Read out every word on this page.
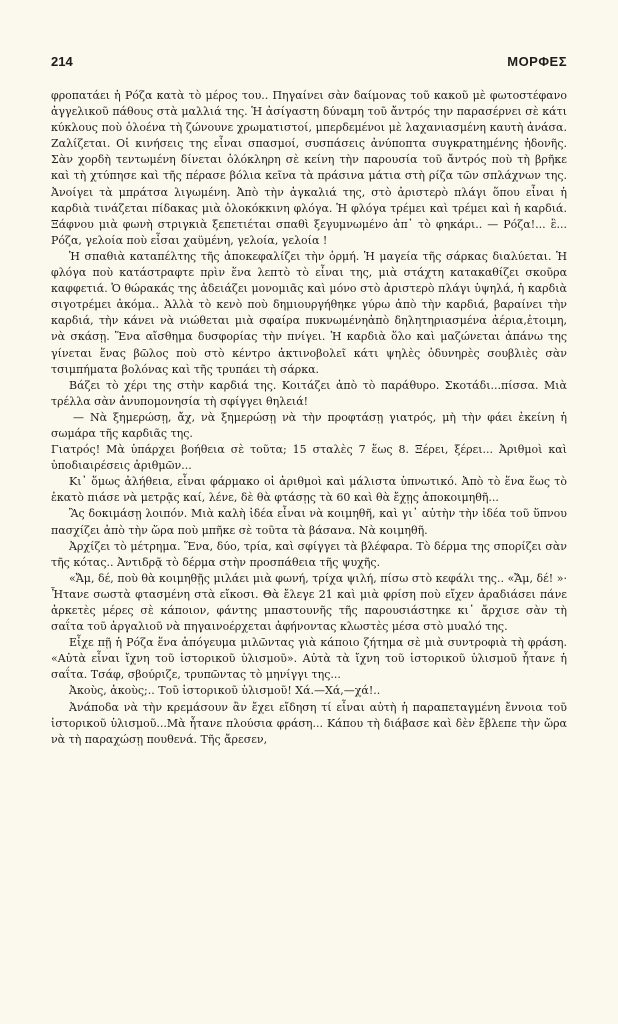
214	ΜΟΡΦΕΣ

φροπατάει ἡ Ρόζα κατὰ τὸ μέρος του.. Πηγαίνει σὰν δαίμονας τοῦ κακοῦ μὲ φωτοστέφανο ἀγγελικοῦ πάθους στὰ μαλλιά της. Ἡ ἀσίγαστη δύναμη τοῦ ἄντρός την παρασέρνει σὲ κάτι κύκλους ποὺ ὁλοένα τὴ ζώνουνε χρωματιστοί, μπερδεμένοι μὲ λαχανιασμένη καυτὴ ἀνάσα. Ζαλίζεται. Οἱ κινήσεις της εἶναι σπασμοί, συσπάσεις ἀνύποπτα συγκρατημένης ἡδονῆς. Σὰν χορδὴ τεντωμένη δίνεται ὁλόκληρη σὲ κείνη τὴν παρουσία τοῦ ἄντρός ποὺ τὴ βρῆκε καὶ τὴ χτύπησε καὶ τῆς πέρασε βόλια κεῖνα τὰ πράσινα μάτια στὴ ρίζα τῶν σπλάχνων της. Ἀνοίγει τὰ μπράτσα λιγωμένη. Ἀπὸ τὴν ἀγκαλιά της, στὸ ἀριστερὸ πλάγι ὅπου εἶναι ἡ καρδιὰ τινάζεται πίδακας μιὰ ὁλοκόκκινη φλόγα. Ἡ φλόγα τρέμει καὶ τρέμει καὶ ἡ καρδιά. Ξάφνου μιὰ φωνὴ στριγκιὰ ξεπετιέται σπαθὶ ξεγυμνωμένο ἀπ᾽ τὸ φηκάρι.. — Ρόζα!... ἒ... Ρόζα, γελοία ποὺ εἶσαι χαϋμένη, γελοία, γελοία !

Ἡ σπαθιὰ καταπέλτης τῆς ἀποκεφαλίζει τὴν ὁρμή. Ἡ μαγεία τῆς σάρκας διαλύεται. Ἡ φλόγα ποὺ κατάστραφτε πρὶν ἕνα λεπτὸ τὸ εἶναι της, μιὰ στάχτη κατακαθίζει σκοῦρα καφφετιά. Ὁ θώρακάς της ἀδειάζει μονομιᾶς καὶ μόνο στὸ ἀριστερὸ πλάγι ὑψηλά, ἡ καρδιὰ σιγοτρέμει ἀκόμα.. Ἀλλὰ τὸ κενὸ ποὺ δημιουργήθηκε γύρω ἀπὸ τὴν καρδιά, βαραίνει τὴν καρδιά, τὴν κάνει νὰ νιώθεται μιὰ σφαίρα πυκνωμένηἀπὸ δηλητηριασμένα ἀέρια,ἐτοιμη, νὰ σκάσῃ. Ἕνα αἴσθημα δυσφορίας τὴν πνίγει. Ἡ καρδιὰ ὅλο καὶ μαζώνεται ἀπάνω της γίνεται ἕνας βῶλος ποὺ στὸ κέντρο ἀκτινοβολεῖ κάτι ψηλὲς ὀδυνηρὲς σουβλιὲς σὰν τσιμπήματα βολόνας καὶ τῆς τρυπάει τὴ σάρκα.

Βάζει τὸ χέρι της στὴν καρδιά της. Κοιτάζει ἀπὸ τὸ παράθυρο. Σκοτάδι...πίσσα. Μιὰ τρέλλα σὰν ἀνυπομονησία τὴ σφίγγει θηλειά!

— Νὰ ξημερώσῃ, ἄχ, νὰ ξημερώσῃ νὰ τὴν προφτάσῃ γιατρός, μὴ τὴν φάει ἐκείνη ἡ σωμάρα τῆς καρδιᾶς της.

Γιατρός! Μὰ ὑπάρχει βοήθεια σὲ τοῦτα; 15 σταλὲς 7 ἕως 8. Ξέρει, ξέρει... Ἀριθμοὶ καὶ ὑποδιαιρέσεις ἀριθμῶν...

Κι᾽ ὅμως ἀλήθεια, εἶναι φάρμακο οἱ ἀριθμοὶ καὶ μάλιστα ὑπνωτικό. Ἀπὸ τὸ ἕνα ἕως τὸ ἑκατὸ πιάσε νὰ μετρᾷς καί, λένε, δὲ θὰ φτάσῃς τὰ 60 καὶ θὰ ἔχῃς ἀποκοιμηθῆ...

Ἂς δοκιμάσῃ λοιπόν. Μιὰ καλὴ ἰδέα εἶναι νὰ κοιμηθῆ, καὶ γι᾽ αὐτὴν τὴν ἰδέα τοῦ ὕπνου πασχίζει ἀπὸ τὴν ὥρα ποὺ μπῆκε σὲ τοῦτα τὰ βάσανα. Νὰ κοιμηθῆ.

Ἀρχίζει τὸ μέτρημα. Ἕνα, δύο, τρία, καὶ σφίγγει τὰ βλέφαρα. Τὸ δέρμα της σπορίζει σὰν τῆς κότας.. Ἀντιδρᾷ τὸ δέρμα στὴν προσπάθεια τῆς ψυχῆς.

«Ἄμ, δέ, ποὺ θὰ κοιμηθῇς μιλάει μιὰ φωνή, τρίχα ψιλή, πίσω στὸ κεφάλι της.. «Ἄμ, δέ! »· Ἦτανε σωστὰ φτασμένη στὰ εἴκοσι. Θὰ ἔλεγε 21 καὶ μιὰ φρίση ποὺ εἴχεν ἀραδιάσει πάνε ἀρκετὲς μέρες σὲ κάποιον, φάντης μπαστουνῆς τῆς παρουσιάστηκε κι᾽ ἄρχισε σὰν τὴ σαΐτα τοῦ ἀργαλιοῦ νὰ πηγαινοέρχεται ἀφήνοντας κλωστὲς μέσα στὸ μυαλό της.

Εἶχε πῇ ἡ Ρόζα ἕνα ἀπόγευμα μιλῶντας γιὰ κάποιο ζήτημα σὲ μιὰ συντροφιὰ τὴ φράση. «Αὐτὰ εἶναι ἴχνη τοῦ ἱστορικοῦ ὑλισμοῦ». Αὐτὰ τὰ ἴχνη τοῦ ἱστορικοῦ ὑλισμοῦ ἦτανε ἡ σαΐτα. Τσάφ, σβούριζε, τρυπῶντας τὸ μηνίγγι της...

Ἀκοὺς, ἀκοὺς;.. Τοῦ ἱστορικοῦ ὑλισμοῦ! Χά.—Χά,—χά!..

Ἀνάποδα νὰ τὴν κρεμάσουν ἂν ἔχει εἴδηση τί εἶναι αὐτὴ ἡ παραπεταγμένη ἔννοια τοῦ ἱστορικοῦ ὑλισμοῦ...Μὰ ἦτανε πλούσια φράση... Κάπου τὴ διάβασε καὶ δὲν ἔβλεπε τὴν ὥρα νὰ τὴ παραχώσῃ πουθενά. Τῆς ἄρεσεν,
